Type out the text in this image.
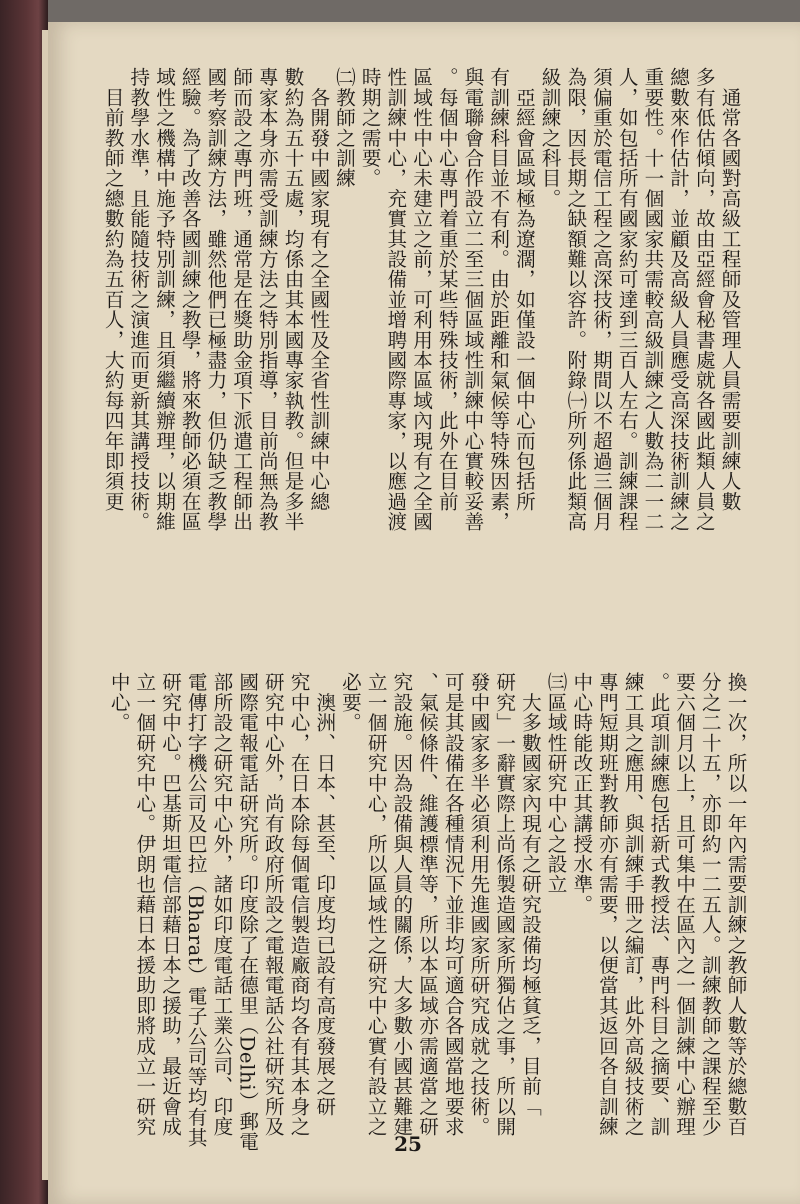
　通常各國對高級工程師及管理人員需要訓練人數
多有低估傾向，故由亞經會秘書處就各國此類人員之
總數來作估計，並顧及高級人員應受高深技術訓練之
重要性。十一個國家共需較高級訓練之人數為二一二
人，如包括所有國家約可達到三百人左右。訓練課程
須偏重於電信工程之高深技術，期間以不超過三個月
為限，因長期之缺額難以容許。附錄㈠所列係此類高
級訓練之科目。
　亞經會區域極為遼濶，如僅設一個中心而包括所
有訓練科目並不有利。由於距離和氣候等特殊因素，
與電聯會合作設立二至三個區域性訓練中心實較妥善
。每個中心專門着重於某些特殊技術，此外在目前
區域性中心未建立之前，可利用本區域內現有之全國
性訓練中心，充實其設備並增聘國際專家，以應過渡
時期之需要。
㈡教師之訓練
　各開發中國家現有之全國性及全省性訓練中心總
數約為五十五處，均係由其本國專家執教。但是多半
專家本身亦需受訓練方法之特別指導，目前尚無為教
師而設之專門班，通常是在獎助金項下派遣工程師出
國考察訓練方法，雖然他們已極盡力，但仍缺乏教學
經驗。為了改善各國訓練之教學，將來教師必須在區
域性之機構中施予特別訓練，且須繼續辦理，以期維
持教學水準，且能隨技術之演進而更新其講授技術。
　目前教師之總數約為五百人，大約每四年即須更
換一次，所以一年內需要訓練之教師人數等於總數百
分之二十五，亦即約一二五人。訓練教師之課程至少
要六個月以上，且可集中在區內之一個訓練中心辦理
。此項訓練應包括新式教授法、專門科目之摘要、訓
練工具之應用、與訓練手冊之編訂，此外高級技術之
專門短期班對教師亦有需要，以便當其返回各自訓練
中心時能改正其講授水準。
㈢區域性研究中心之設立
　大多數國家內現有之研究設備均極貧乏，目前「
研究」一辭實際上尚係製造國家所獨佔之事，所以開
發中國家多半必須利用先進國家所研究成就之技術。
可是其設備在各種情況下並非均可適合各國當地要求
、氣候條件、維護標準等，所以本區域亦需適當之研
究設施。因為設備與人員的關係，大多數小國甚難建
立一個研究中心，所以區域性之研究中心實有設立之
必要。
　澳洲、日本、甚至、印度均已設有高度發展之研
究中心，在日本除每個電信製造廠商均各有其本身之
研究中心外，尚有政府所設之電報電話公社研究所及
國際電報電話研究所。印度除了在德里（Delhi）郵電
部所設之研究中心外，諸如印度電話工業公司、印度
電傳打字機公司及巴拉（Bharat）電子公司等均有其
研究中心。巴基斯坦電信部藉日本之援助，最近會成
立一個研究中心。伊朗也藉日本援助即將成立一研究
中心。
25
